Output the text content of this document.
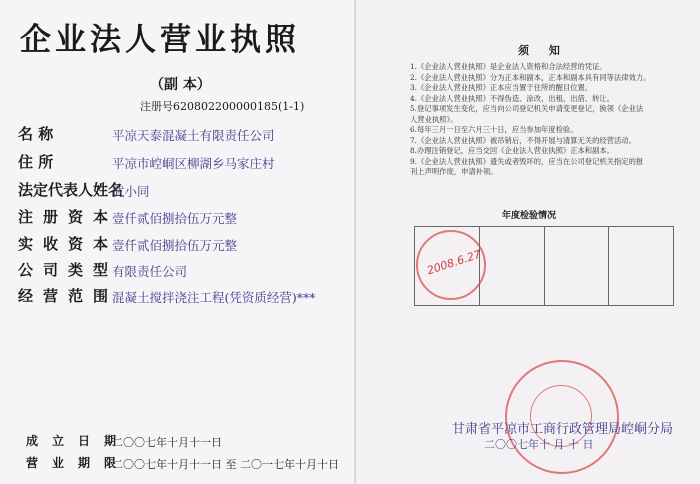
企业法人营业执照
（副 本）
注册号620802200000185(1-1)
名 称	平凉天泰混凝土有限责任公司
住 所	平凉市崆峒区柳湖乡马家庄村
法定代表人姓名
武小同
注册资本
壹仟贰佰捌拾伍万元整
实收资本
壹仟贰佰捌拾伍万元整
公司类型
有限责任公司
经营范围
混凝土搅拌浇注工程(凭资质经营)***
成立日期
二〇〇七年十月十一日
营业期限
二〇〇七年十月十一日 至 二〇一七年十月十日
须 知
1.《企业法人营业执照》是企业法人资格和合法经营的凭证。
2.《企业法人营业执照》分为正本和副本，正本和副本具有同等法律效力。
3.《企业法人营业执照》正本应当置于住所的醒目位置。
4.《企业法人营业执照》不得伪造、涂改、出租、出借、转让。
5.登记事项发生变化，应当向公司登记机关申请变更登记，换领《企业法
人营业执照》。
6.每年三月一日至六月三十日，应当参加年度检验。
7.《企业法人营业执照》被吊销后，不得开展与清算无关的经营活动。
8.办理注销登记，应当交回《企业法人营业执照》正本和副本。
9.《企业法人营业执照》遗失或者毁坏的，应当在公司登记机关指定的报
刊上声明作废，申请补领。
年度检验情况
2008.6.27
甘肃省平凉市工商行政管理局崆峒分局
二〇〇七年十 月 十 日
